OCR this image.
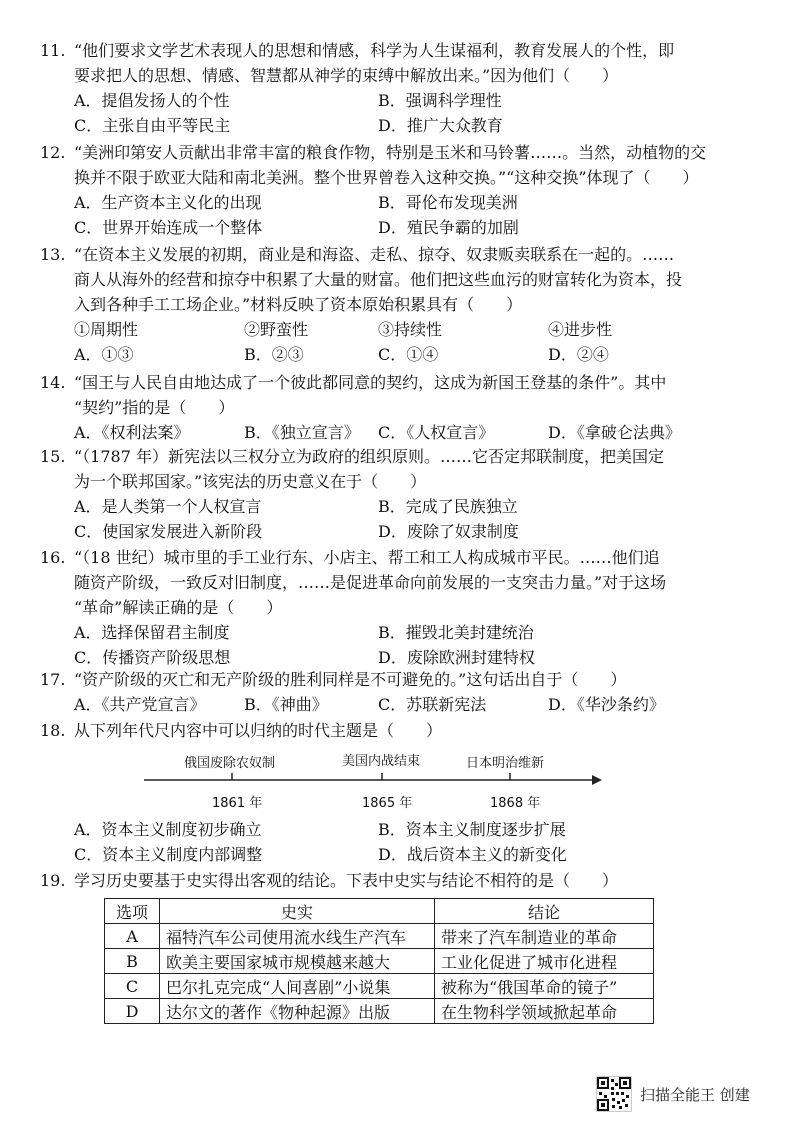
11. “他们要求文学艺术表现人的思想和情感，科学为人生谋福利，教育发展人的个性，即
要求把人的思想、情感、智慧都从神学的束缚中解放出来。”因为他们（　　）
A．提倡发扬人的个性	B．强调科学理性
C．主张自由平等民主	D．推广大众教育
12. “美洲印第安人贡献出非常丰富的粮食作物，特别是玉米和马铃薯……。当然，动植物的交
换并不限于欧亚大陆和南北美洲。整个世界曾卷入这种交换。”“这种交换”体现了（　　）
A．生产资本主义化的出现	B．哥伦布发现美洲
C．世界开始连成一个整体	D．殖民争霸的加剧
13. “在资本主义发展的初期，商业是和海盗、走私、掠夺、奴隶贩卖联系在一起的。……
商人从海外的经营和掠夺中积累了大量的财富。他们把这些血污的财富转化为资本，投
入到各种手工工场企业。”材料反映了资本原始积累具有（　　）
①周期性	②野蛮性	③持续性	④进步性
A．①③	B．②③	C．①④	D．②④
14. “国王与人民自由地达成了一个彼此都同意的契约，这成为新国王登基的条件”。其中
“契约”指的是（　　）
A．《权利法案》	B．《独立宣言》 C．《人权宣言》	D．《拿破仑法典》
15. “（1787 年）新宪法以三权分立为政府的组织原则。……它否定邦联制度，把美国定
为一个联邦国家。”该宪法的历史意义在于（　　）
A．是人类第一个人权宣言	B．完成了民族独立
C．使国家发展进入新阶段	D．废除了奴隶制度
16. “（18 世纪）城市里的手工业行东、小店主、帮工和工人构成城市平民。……他们追
随资产阶级，一致反对旧制度，……是促进革命向前发展的一支突击力量。”对于这场
“革命”解读正确的是（　　）
A．选择保留君主制度	B．摧毁北美封建统治
C．传播资产阶级思想	D．废除欧洲封建特权
17. “资产阶级的灭亡和无产阶级的胜利同样是不可避免的。”这句话出自于（　　）
A．《共产党宣言》 B．《神曲》	C．苏联新宪法	D．《华沙条约》
18. 从下列年代尺内容中可以归纳的时代主题是（　　）
俄国废除农奴制	美国内战结束	日本明治维新
1861 年	1865 年	1868 年
A．资本主义制度初步确立	B．资本主义制度逐步扩展
C．资本主义制度内部调整	D．战后资本主义的新变化
19. 学习历史要基于史实得出客观的结论。下表中史实与结论不相符的是（　　）
选项	史实	结论
A	福特汽车公司使用流水线生产汽车	带来了汽车制造业的革命
B	欧美主要国家城市规模越来越大	工业化促进了城市化进程
C	巴尔扎克完成“人间喜剧”小说集	被称为“俄国革命的镜子”
D	达尔文的著作《物种起源》出版	在生物科学领域掀起革命
扫描全能王 创建
